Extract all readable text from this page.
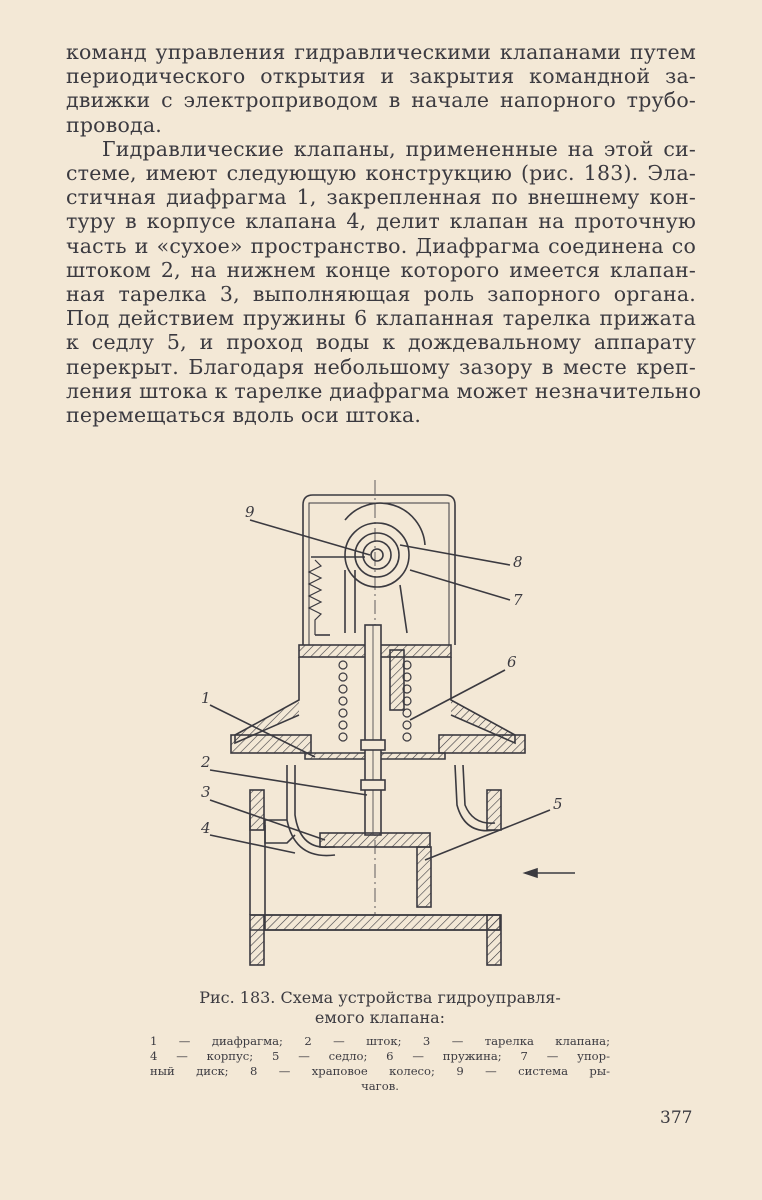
команд управления гидравлическими клапанами путем
периодического открытия и закрытия командной за-
движки с электроприводом в начале напорного трубо-
провода.

Гидравлические клапаны, примененные на этой си-
стеме, имеют следующую конструкцию (рис. 183). Эла-
стичная диафрагма 1, закрепленная по внешнему кон-
туру в корпусе клапана 4, делит клапан на проточную
часть и «сухое» пространство. Диафрагма соединена со
штоком 2, на нижнем конце которого имеется клапан-
ная тарелка 3, выполняющая роль запорного органа.
Под действием пружины 6 клапанная тарелка прижата
к седлу 5, и проход воды к дождевальному аппарату
перекрыт. Благодаря небольшому зазору в месте креп-
ления штока к тарелке диафрагма может незначительно
перемещаться вдоль оси штока.

9
8
7
6
1
2
3
4
5
Рис. 183. Схема устройства гидроуправля-
емого клапана:
1 — диафрагма; 2 — шток; 3 — тарелка клапана;
4 — корпус; 5 — седло; 6 — пружина; 7 — упор-
ный диск; 8 — храповое колесо; 9 — система ры-
чагов.
377
